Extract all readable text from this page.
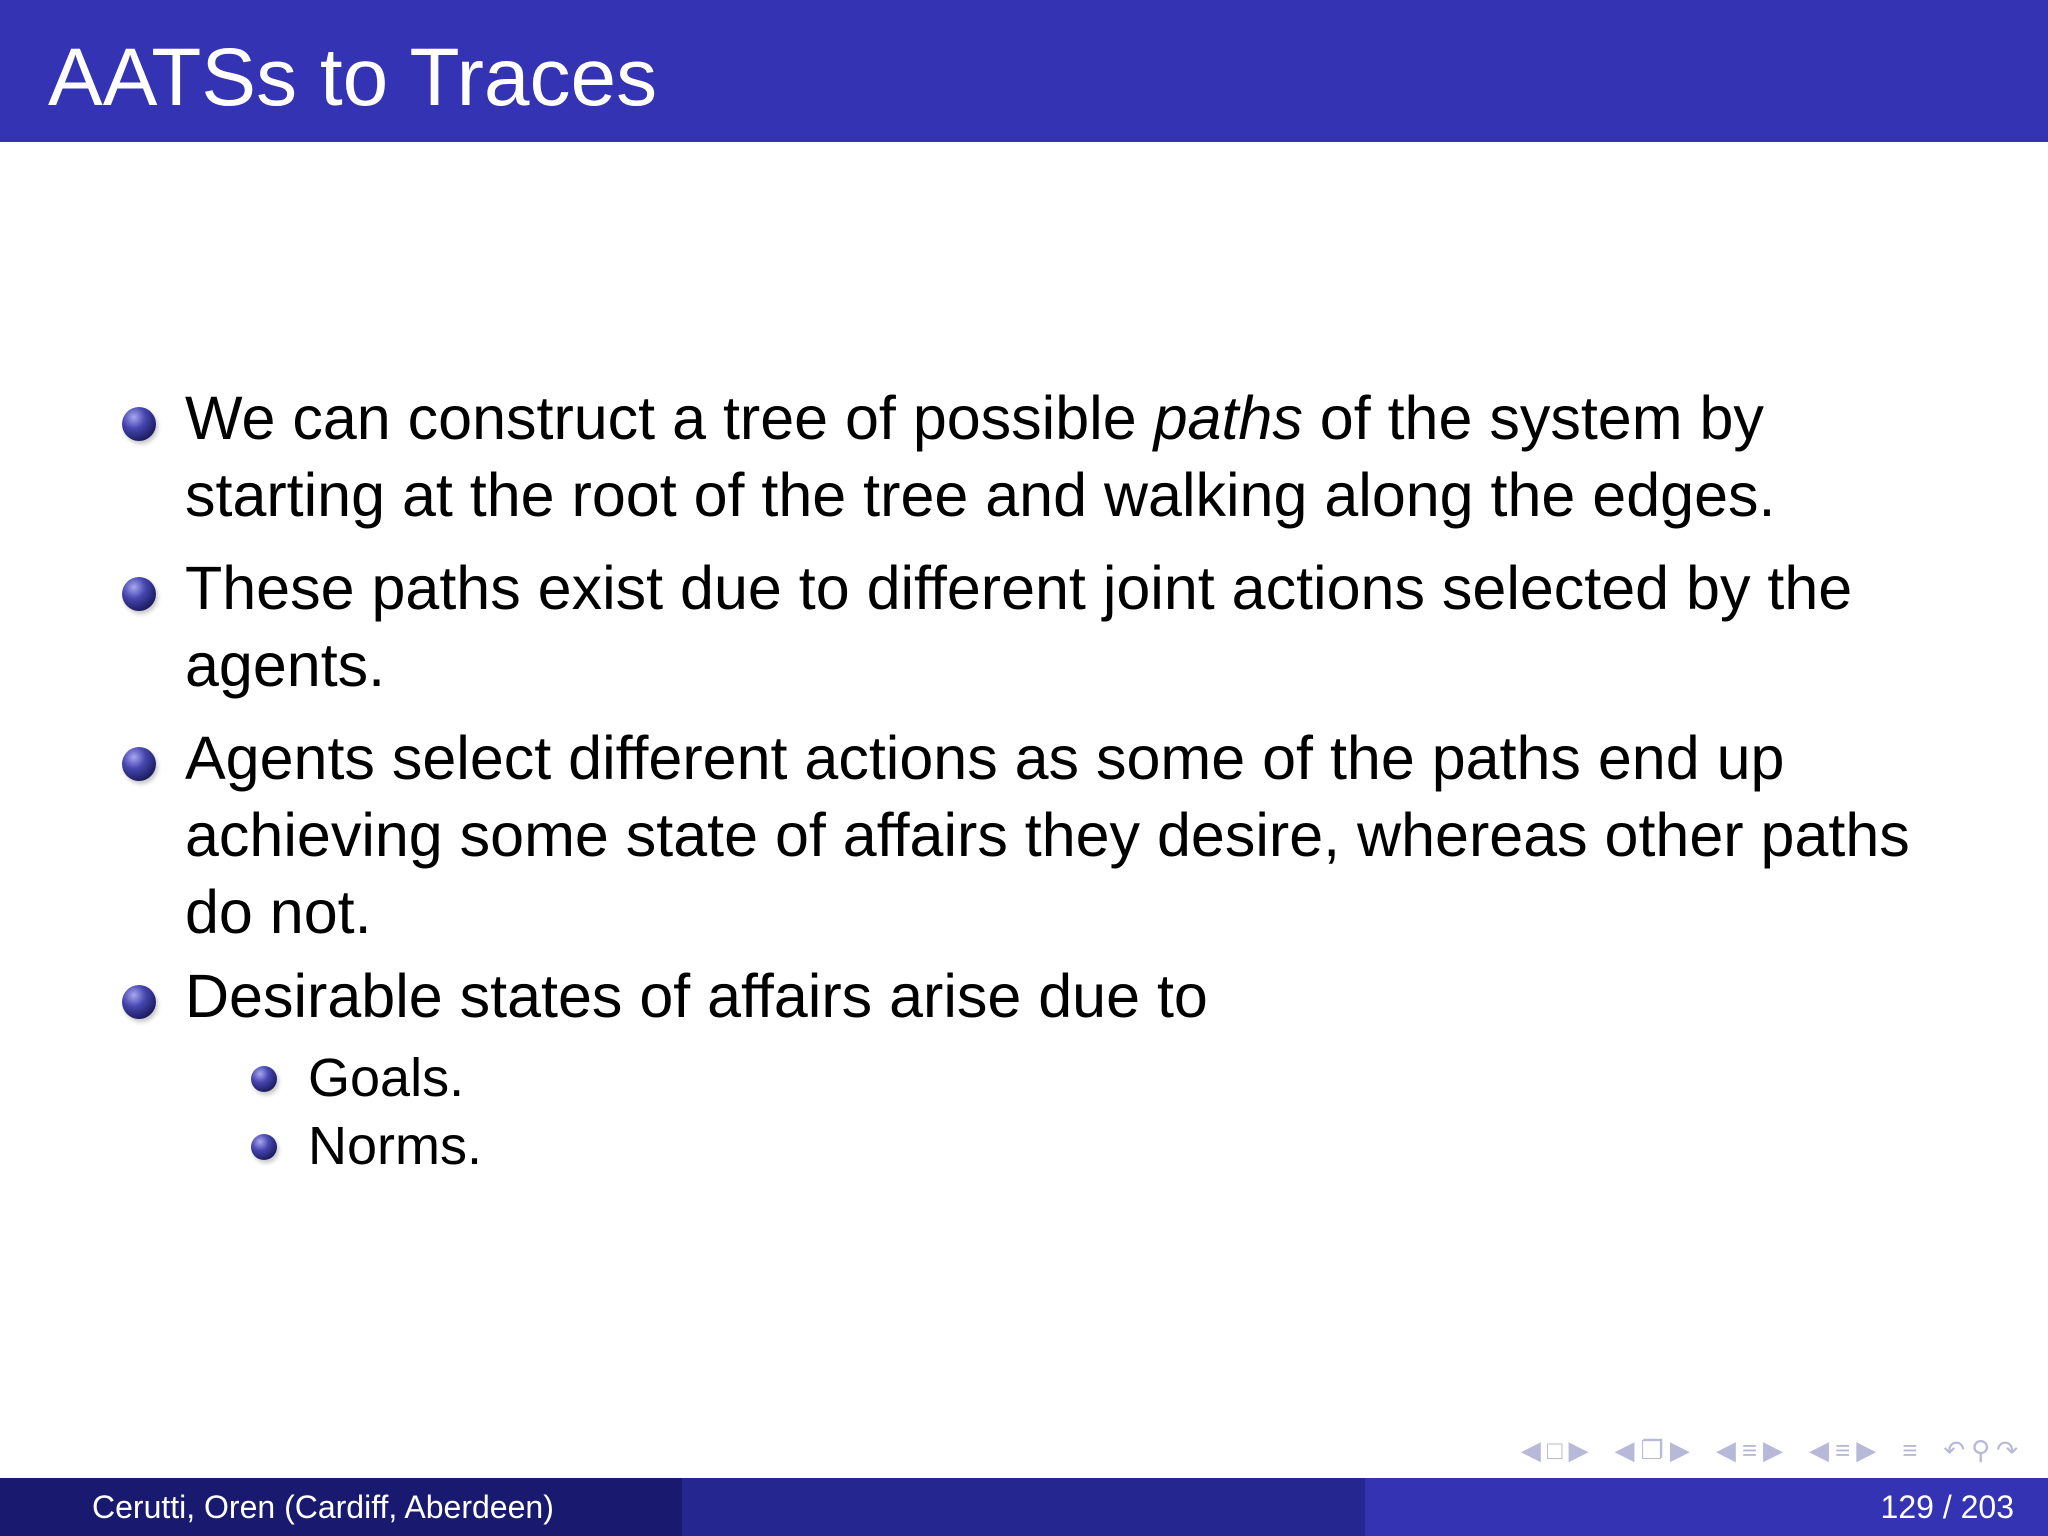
AATSs to Traces
We can construct a tree of possible paths of the system by
starting at the root of the tree and walking along the edges.
These paths exist due to different joint actions selected by the
agents.
Agents select different actions as some of the paths end up
achieving some state of affairs they desire, whereas other paths
do not.
Desirable states of affairs arise due to
Goals.
Norms.
◀ □ ▶ ◀ ❐ ▶ ◀ ≡ ▶ ◀ ≡ ▶ ≡ ↶ ⚲ ↷
Cerutti, Oren (Cardiff, Aberdeen)	129 / 203
